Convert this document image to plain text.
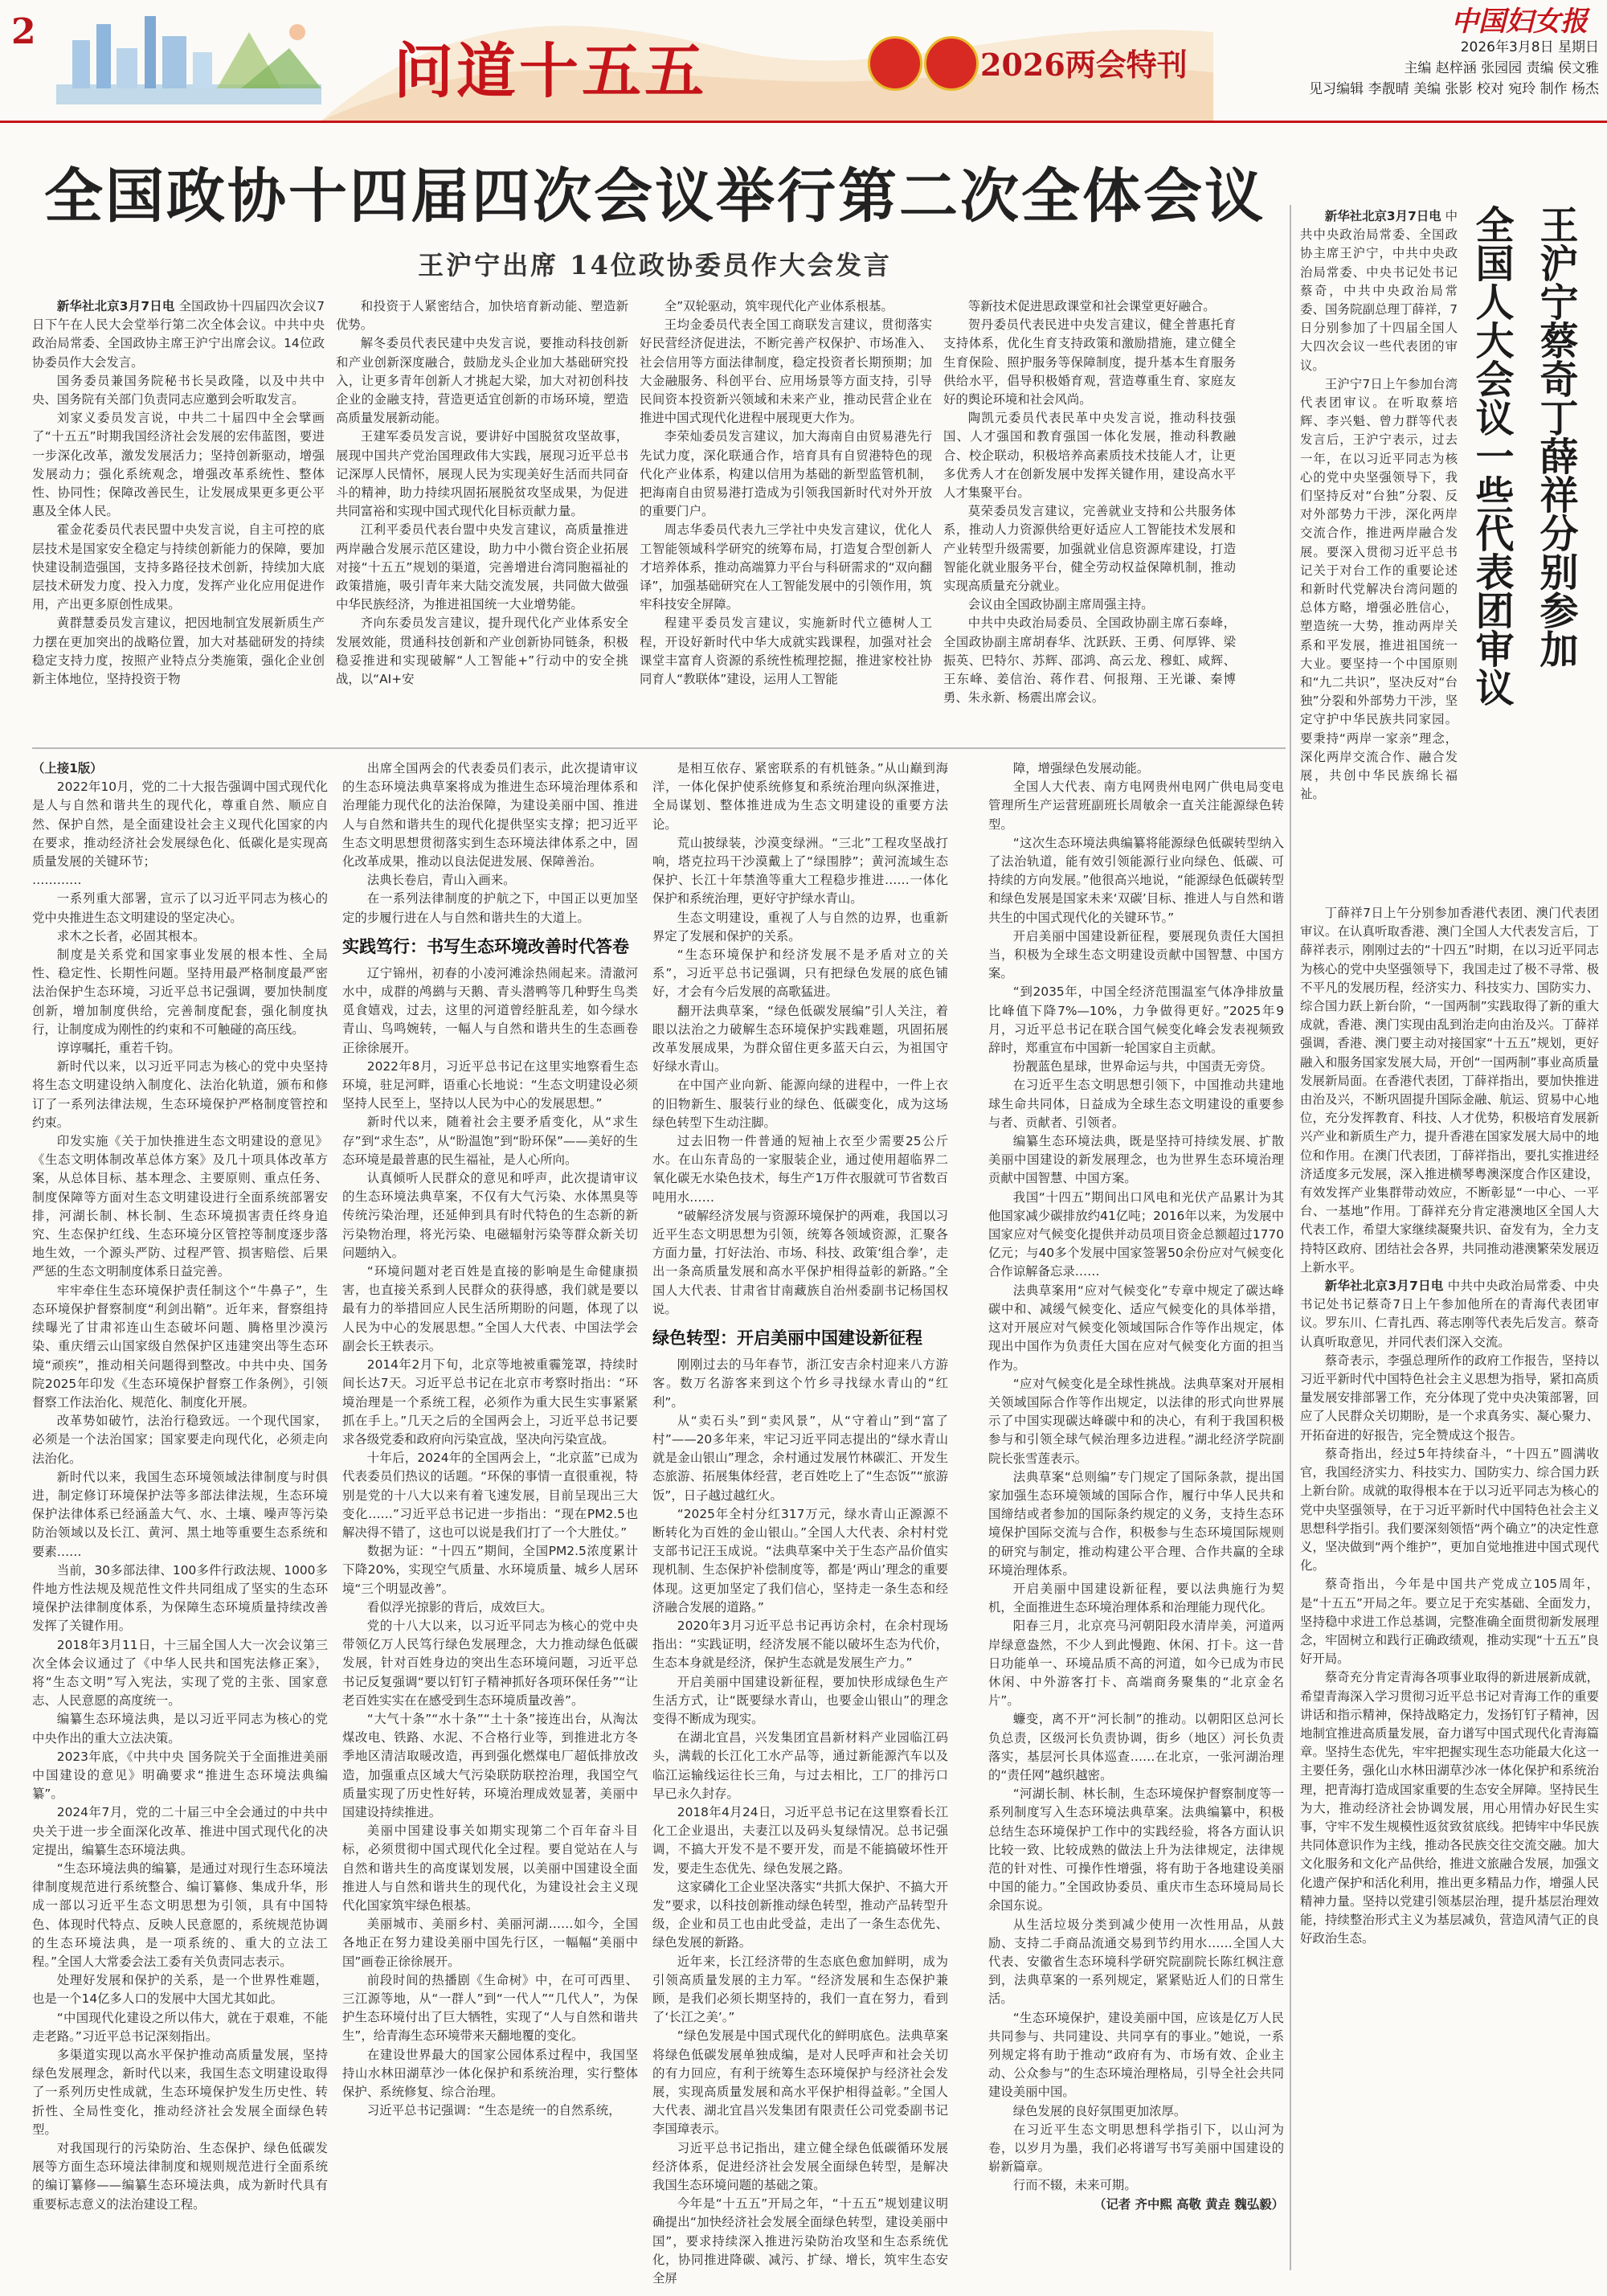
2
问道十五五	2026两会特刊
中国妇女报
2026年3月8日 星期日
主编 赵梓涵 张园园 责编 侯文雅
见习编辑 李靓晴 美编 张影 校对 宛玲 制作 杨杰
全国政协十四届四次会议举行第二次全体会议
王沪宁出席 14位政协委员作大会发言

新华社北京3月7日电 全国政协十四届四次会议7日下午在人民大会堂举行第二次全体会议。中共中央政治局常委、全国政协主席王沪宁出席会议。14位政协委员作大会发言。

国务委员兼国务院秘书长吴政隆，以及中共中央、国务院有关部门负责同志应邀到会听取发言。

刘家义委员发言说，中共二十届四中全会擘画了“十五五”时期我国经济社会发展的宏伟蓝图，要进一步深化改革，激发发展活力；坚持创新驱动，增强发展动力；强化系统观念，增强改革系统性、整体性、协同性；保障改善民生，让发展成果更多更公平惠及全体人民。

霍金花委员代表民盟中央发言说，自主可控的底层技术是国家安全稳定与持续创新能力的保障，要加快建设制造强国，支持多路径技术创新，持续加大底层技术研发力度、投入力度，发挥产业化应用促进作用，产出更多原创性成果。

黄群慧委员发言建议，把因地制宜发展新质生产力摆在更加突出的战略位置，加大对基础研发的持续稳定支持力度，按照产业特点分类施策，强化企业创新主体地位，坚持投资于物

和投资于人紧密结合，加快培育新动能、塑造新优势。

解冬委员代表民建中央发言说，要推动科技创新和产业创新深度融合，鼓励龙头企业加大基础研究投入，让更多青年创新人才挑起大梁，加大对初创科技企业的金融支持，营造更适宜创新的市场环境，塑造高质量发展新动能。

王建军委员发言说，要讲好中国脱贫攻坚故事，展现中国共产党治国理政伟大实践，展现习近平总书记深厚人民情怀，展现人民为实现美好生活而共同奋斗的精神，助力持续巩固拓展脱贫攻坚成果，为促进共同富裕和实现中国式现代化目标贡献力量。

江利平委员代表台盟中央发言建议，高质量推进两岸融合发展示范区建设，助力中小微台资企业拓展对接“十五五”规划的渠道，完善增进台湾同胞福祉的政策措施，吸引青年来大陆交流发展，共同做大做强中华民族经济，为推进祖国统一大业增势能。

齐向东委员发言建议，提升现代化产业体系安全发展效能，贯通科技创新和产业创新协同链条，积极稳妥推进和实现破解“人工智能+”行动中的安全挑战，以“AI+安

全”双轮驱动，筑牢现代化产业体系根基。

王均金委员代表全国工商联发言建议，贯彻落实好民营经济促进法，不断完善产权保护、市场准入、社会信用等方面法律制度，稳定投资者长期预期；加大金融服务、科创平台、应用场景等方面支持，引导民间资本投资新兴领域和未来产业，推动民营企业在推进中国式现代化进程中展现更大作为。

李荣灿委员发言建议，加大海南自由贸易港先行先试力度，深化联通合作，培育具有自贸港特色的现代化产业体系，构建以信用为基础的新型监管机制，把海南自由贸易港打造成为引领我国新时代对外开放的重要门户。

周志华委员代表九三学社中央发言建议，优化人工智能领域科学研究的统筹布局，打造复合型创新人才培养体系，推动高端算力平台与科研需求的“双向翻译”，加强基础研究在人工智能发展中的引领作用，筑牢科技安全屏障。

程建平委员发言建议，实施新时代立德树人工程，开设好新时代中华大成就实践课程，加强对社会课堂丰富育人资源的系统性梳理挖掘，推进家校社协同育人“教联体”建设，运用人工智能

等新技术促进思政课堂和社会课堂更好融合。

贺丹委员代表民进中央发言建议，健全普惠托育支持体系，优化生育支持政策和激励措施，建立健全生育保险、照护服务等保障制度，提升基本生育服务供给水平，倡导积极婚育观，营造尊重生育、家庭友好的舆论环境和社会风尚。

陶凯元委员代表民革中央发言说，推动科技强国、人才强国和教育强国一体化发展，推动科教融合、校企联动，积极培养高素质技术技能人才，让更多优秀人才在创新发展中发挥关键作用，建设高水平人才集聚平台。

莫荣委员发言建议，完善就业支持和公共服务体系，推动人力资源供给更好适应人工智能技术发展和产业转型升级需要，加强就业信息资源库建设，打造智能化就业服务平台，健全劳动权益保障机制，推动实现高质量充分就业。

会议由全国政协副主席周强主持。

中共中央政治局委员、全国政协副主席石泰峰，全国政协副主席胡春华、沈跃跃、王勇、何厚铧、梁振英、巴特尔、苏辉、邵鸿、高云龙、穆虹、咸辉、王东峰、姜信治、蒋作君、何报翔、王光谦、秦博勇、朱永新、杨震出席会议。

王沪宁蔡奇丁薛祥分别参加
全国人大会议一些代表团审议

新华社北京3月7日电 中共中央政治局常委、全国政协主席王沪宁，中共中央政治局常委、中央书记处书记蔡奇，中共中央政治局常委、国务院副总理丁薛祥，7日分别参加了十四届全国人大四次会议一些代表团的审议。

王沪宁7日上午参加台湾代表团审议。在听取蔡培辉、李兴魁、曾力群等代表发言后，王沪宁表示，过去一年，在以习近平同志为核心的党中央坚强领导下，我们坚持反对“台独”分裂、反对外部势力干涉，深化两岸交流合作，推进两岸融合发展。要深入贯彻习近平总书记关于对台工作的重要论述和新时代党解决台湾问题的总体方略，增强必胜信心，塑造统一大势，推动两岸关系和平发展，推进祖国统一大业。要坚持一个中国原则和“九二共识”，坚决反对“台独”分裂和外部势力干涉，坚定守护中华民族共同家园。要秉持“两岸一家亲”理念，深化两岸交流合作、融合发展，共创中华民族绵长福祉。

丁薛祥7日上午分别参加香港代表团、澳门代表团审议。在认真听取香港、澳门全国人大代表发言后，丁薛祥表示，刚刚过去的“十四五”时期，在以习近平同志为核心的党中央坚强领导下，我国走过了极不寻常、极不平凡的发展历程，经济实力、科技实力、国防实力、综合国力跃上新台阶，“一国两制”实践取得了新的重大成就，香港、澳门实现由乱到治走向由治及兴。丁薛祥强调，香港、澳门要主动对接国家“十五五”规划，更好融入和服务国家发展大局，开创“一国两制”事业高质量发展新局面。在香港代表团，丁薛祥指出，要加快推进由治及兴，不断巩固提升国际金融、航运、贸易中心地位，充分发挥教育、科技、人才优势，积极培育发展新兴产业和新质生产力，提升香港在国家发展大局中的地位和作用。在澳门代表团，丁薛祥指出，要扎实推进经济适度多元发展，深入推进横琴粤澳深度合作区建设，有效发挥产业集群带动效应，不断彰显“一中心、一平台、一基地”作用。丁薛祥充分肯定港澳地区全国人大代表工作，希望大家继续凝聚共识、奋发有为，全力支持特区政府、团结社会各界，共同推动港澳繁荣发展迈上新水平。

新华社北京3月7日电 中共中央政治局常委、中央书记处书记蔡奇7日上午参加他所在的青海代表团审议。罗东川、仁青扎西、蒋志刚等代表先后发言。蔡奇认真听取意见，并同代表们深入交流。

蔡奇表示，李强总理所作的政府工作报告，坚持以习近平新时代中国特色社会主义思想为指导，紧扣高质量发展安排部署工作，充分体现了党中央决策部署，回应了人民群众关切期盼，是一个求真务实、凝心聚力、开拓奋进的好报告，完全赞成这个报告。

蔡奇指出，经过5年持续奋斗，“十四五”圆满收官，我国经济实力、科技实力、国防实力、综合国力跃上新台阶。成就的取得根本在于以习近平同志为核心的党中央坚强领导，在于习近平新时代中国特色社会主义思想科学指引。我们要深刻领悟“两个确立”的决定性意义，坚决做到“两个维护”，更加自觉地推进中国式现代化。

蔡奇指出，今年是中国共产党成立105周年，是“十五五”开局之年。要立足于充实基础、全面发力，坚持稳中求进工作总基调，完整准确全面贯彻新发展理念，牢固树立和践行正确政绩观，推动实现“十五五”良好开局。

蔡奇充分肯定青海各项事业取得的新进展新成就，希望青海深入学习贯彻习近平总书记对青海工作的重要讲话和指示精神，保持战略定力，发扬钉钉子精神，因地制宜推进高质量发展，奋力谱写中国式现代化青海篇章。坚持生态优先，牢牢把握实现生态功能最大化这一主要任务，强化山水林田湖草沙冰一体化保护和系统治理，把青海打造成国家重要的生态安全屏障。坚持民生为大，推动经济社会协调发展，用心用情办好民生实事，守牢不发生规模性返贫致贫底线。把铸牢中华民族共同体意识作为主线，推动各民族交往交流交融。加大文化服务和文化产品供给，推进文旅融合发展，加强文化遗产保护和活化利用，推出更多精品力作，增强人民精神力量。坚持以党建引领基层治理，提升基层治理效能，持续整治形式主义为基层减负，营造风清气正的良好政治生态。

（上接1版）

2022年10月，党的二十大报告强调中国式现代化是人与自然和谐共生的现代化，尊重自然、顺应自然、保护自然，是全面建设社会主义现代化国家的内在要求，推动经济社会发展绿色化、低碳化是实现高质量发展的关键环节；

…………

一系列重大部署，宣示了以习近平同志为核心的党中央推进生态文明建设的坚定决心。

求木之长者，必固其根本。

制度是关系党和国家事业发展的根本性、全局性、稳定性、长期性问题。坚持用最严格制度最严密法治保护生态环境，习近平总书记强调，要加快制度创新，增加制度供给，完善制度配套，强化制度执行，让制度成为刚性的约束和不可触碰的高压线。

谆谆嘱托，重若千钧。

新时代以来，以习近平同志为核心的党中央坚持将生态文明建设纳入制度化、法治化轨道，颁布和修订了一系列法律法规，生态环境保护严格制度管控和约束。

印发实施《关于加快推进生态文明建设的意见》《生态文明体制改革总体方案》及几十项具体改革方案，从总体目标、基本理念、主要原则、重点任务、制度保障等方面对生态文明建设进行全面系统部署安排，河湖长制、林长制、生态环境损害责任终身追究、生态保护红线、生态环境分区管控等制度逐步落地生效，一个源头严防、过程严管、损害赔偿、后果严惩的生态文明制度体系日益完善。

牢牢牵住生态环境保护责任制这个“牛鼻子”，生态环境保护督察制度“利剑出鞘”。近年来，督察组持续曝光了甘肃祁连山生态破坏问题、腾格里沙漠污染、重庆缙云山国家级自然保护区违建突出等生态环境“顽疾”，推动相关问题得到整改。中共中央、国务院2025年印发《生态环境保护督察工作条例》，引领督察工作法治化、规范化、制度化开展。

改革势如破竹，法治行稳致远。一个现代国家，必须是一个法治国家；国家要走向现代化，必须走向法治化。

新时代以来，我国生态环境领域法律制度与时俱进，制定修订环境保护法等多部法律法规，生态环境保护法律体系已经涵盖大气、水、土壤、噪声等污染防治领域以及长江、黄河、黑土地等重要生态系统和要素……

当前，30多部法律、100多件行政法规、1000多件地方性法规及规范性文件共同组成了坚实的生态环境保护法律制度体系，为保障生态环境质量持续改善发挥了关键作用。

2018年3月11日，十三届全国人大一次会议第三次全体会议通过了《中华人民共和国宪法修正案》，将“生态文明”写入宪法，实现了党的主张、国家意志、人民意愿的高度统一。

编纂生态环境法典，是以习近平同志为核心的党中央作出的重大立法决策。

2023年底，《中共中央 国务院关于全面推进美丽中国建设的意见》明确要求“推进生态环境法典编纂”。

2024年7月，党的二十届三中全会通过的中共中央关于进一步全面深化改革、推进中国式现代化的决定提出，编纂生态环境法典。

“生态环境法典的编纂，是通过对现行生态环境法律制度规范进行系统整合、编订纂修、集成升华，形成一部以习近平生态文明思想为引领，具有中国特色、体现时代特点、反映人民意愿的，系统规范协调的生态环境法典，是一项系统的、重大的立法工程。”全国人大常委会法工委有关负责同志表示。

处理好发展和保护的关系，是一个世界性难题，也是一个14亿多人口的发展中大国尤其如此。

“中国现代化建设之所以伟大，就在于艰难，不能走老路。”习近平总书记深刻指出。

多渠道实现以高水平保护推动高质量发展，坚持绿色发展理念，新时代以来，我国生态文明建设取得了一系列历史性成就，生态环境保护发生历史性、转折性、全局性变化，推动经济社会发展全面绿色转型。

对我国现行的污染防治、生态保护、绿色低碳发展等方面生态环境法律制度和规则规范进行全面系统的编订纂修——编纂生态环境法典，成为新时代具有重要标志意义的法治建设工程。

出席全国两会的代表委员们表示，此次提请审议的生态环境法典草案将成为推进生态环境治理体系和治理能力现代化的法治保障，为建设美丽中国、推进人与自然和谐共生的现代化提供坚实支撑；把习近平生态文明思想贯彻落实到生态环境法律体系之中，固化改革成果，推动以良法促进发展、保障善治。

法典长卷启，青山入画来。

在一系列法律制度的护航之下，中国正以更加坚定的步履行进在人与自然和谐共生的大道上。

实践笃行：书写生态环境改善时代答卷

辽宁锦州，初春的小凌河滩涂热闹起来。清澈河水中，成群的鸬鹚与天鹅、青头潜鸭等几种野生鸟类觅食嬉戏，过去，这里的河道曾经脏乱差，如今绿水青山、鸟鸣婉转，一幅人与自然和谐共生的生态画卷正徐徐展开。

2022年8月，习近平总书记在这里实地察看生态环境，驻足河畔，语重心长地说：“生态文明建设必须坚持人民至上，坚持以人民为中心的发展思想。”

新时代以来，随着社会主要矛盾变化，从“求生存”到“求生态”，从“盼温饱”到“盼环保”——美好的生态环境是最普惠的民生福祉，是人心所向。

认真倾听人民群众的意见和呼声，此次提请审议的生态环境法典草案，不仅有大气污染、水体黑臭等传统污染治理，还延伸到具有时代特色的生态新的新污染物治理，将光污染、电磁辐射污染等群众新关切问题纳入。

“环境问题对老百姓是直接的影响是生命健康损害，也直接关系到人民群众的获得感，我们就是要以最有力的举措回应人民生活所期盼的问题，体现了以人民为中心的发展思想。”全国人大代表、中国法学会副会长王轶表示。

2014年2月下旬，北京等地被重霾笼罩，持续时间长达7天。习近平总书记在北京市考察时指出：“环境治理是一个系统工程，必须作为重大民生实事紧紧抓在手上。”几天之后的全国两会上，习近平总书记要求各级党委和政府向污染宣战，坚决向污染宣战。

十年后，2024年的全国两会上，“北京蓝”已成为代表委员们热议的话题。“环保的事情一直很重视，特别是党的十八大以来有着飞速发展，目前呈现出三大变化……”习近平总书记进一步指出：“现在PM2.5也解决得不错了，这也可以说是我们打了一个大胜仗。”

数据为证：“十四五”期间，全国PM2.5浓度累计下降20%，实现空气质量、水环境质量、城乡人居环境“三个明显改善”。

看似浮光掠影的背后，成效巨大。

党的十八大以来，以习近平同志为核心的党中央带领亿万人民笃行绿色发展理念，大力推动绿色低碳发展，针对百姓身边的突出生态环境问题，习近平总书记反复强调“要以钉钉子精神抓好各项环保任务”“让老百姓实实在在感受到生态环境质量改善”。

“大气十条”“水十条”“土十条”接连出台，从淘汰煤改电、铁路、水泥、不合格行业等，到推进北方冬季地区清洁取暖改造，再到强化燃煤电厂超低排放改造，加强重点区域大气污染联防联控治理，我国空气质量实现了历史性好转，环境治理成效显著，美丽中国建设持续推进。

美丽中国建设事关如期实现第二个百年奋斗目标，必须贯彻中国式现代化全过程。要自觉站在人与自然和谐共生的高度谋划发展，以美丽中国建设全面推进人与自然和谐共生的现代化，为建设社会主义现代化国家筑牢绿色根基。

美丽城市、美丽乡村、美丽河湖……如今，全国各地正在努力建设美丽中国先行区，一幅幅“美丽中国”画卷正徐徐展开。

前段时间的热播剧《生命树》中，在可可西里、三江源等地，从“一群人”到“一代人”“几代人”，为保护生态环境付出了巨大牺牲，实现了“人与自然和谐共生”，给青海生态环境带来天翻地覆的变化。

在建设世界最大的国家公园体系过程中，我国坚持山水林田湖草沙一体化保护和系统治理，实行整体保护、系统修复、综合治理。

习近平总书记强调：“生态是统一的自然系统，

是相互依存、紧密联系的有机链条。”从山巅到海洋，一体化保护使系统修复和系统治理向纵深推进，全局谋划、整体推进成为生态文明建设的重要方法论。

荒山披绿装，沙漠变绿洲。“三北”工程攻坚战打响，塔克拉玛干沙漠戴上了“绿围脖”；黄河流域生态保护、长江十年禁渔等重大工程稳步推进……一体化保护和系统治理，更好守护绿水青山。

生态文明建设，重视了人与自然的边界，也重新界定了发展和保护的关系。

“生态环境保护和经济发展不是矛盾对立的关系”，习近平总书记强调，只有把绿色发展的底色铺好，才会有今后发展的高歌猛进。

翻开法典草案，“绿色低碳发展编”引人关注，着眼以法治之力破解生态环境保护实践难题，巩固拓展改革发展成果，为群众留住更多蓝天白云，为祖国守好绿水青山。

在中国产业向新、能源向绿的进程中，一件上衣的旧物新生、服装行业的绿色、低碳变化，成为这场绿色转型下生动注脚。

过去旧物一件普通的短袖上衣至少需要25公斤水。在山东青岛的一家服装企业，通过使用超临界二氧化碳无水染色技术，每生产1万件衣服就可节省数百吨用水……

“破解经济发展与资源环境保护的两难，我国以习近平生态文明思想为引领，统筹各领域资源，汇聚各方面力量，打好法治、市场、科技、政策‘组合拳’，走出一条高质量发展和高水平保护相得益彰的新路。”全国人大代表、甘肃省甘南藏族自治州委副书记杨国权说。

绿色转型：开启美丽中国建设新征程

刚刚过去的马年春节，浙江安吉余村迎来八方游客。数万名游客来到这个竹乡寻找绿水青山的“红利”。

从“卖石头”到“卖风景”，从“守着山”到“富了村”——20多年来，牢记习近平同志提出的“绿水青山就是金山银山”理念，余村通过发展竹林碳汇、开发生态旅游、拓展集体经营，老百姓吃上了“生态饭”“旅游饭”，日子越过越红火。

“2025年全村分红317万元，绿水青山正源源不断转化为百姓的金山银山。”全国人大代表、余村村党支部书记汪玉成说。“法典草案中关于生态产品价值实现机制、生态保护补偿制度等，都是‘两山’理念的重要体现。这更加坚定了我们信心，坚持走一条生态和经济融合发展的道路。”

2020年3月习近平总书记再访余村，在余村现场指出：“实践证明，经济发展不能以破坏生态为代价，生态本身就是经济，保护生态就是发展生产力。”

开启美丽中国建设新征程，要加快形成绿色生产生活方式，让“既要绿水青山，也要金山银山”的理念变得不断成为现实。

在湖北宜昌，兴发集团宜昌新材料产业园临江码头，满载的长江化工水产品等，通过新能源汽车以及临江运输线运往长三角，与过去相比，工厂的排污口早已永久封存。

2018年4月24日，习近平总书记在这里察看长江化工企业退出，夫妻江以及码头复绿情况。总书记强调，不搞大开发不是不要开发，而是不能搞破坏性开发，要走生态优先、绿色发展之路。

这家磷化工企业坚决落实“共抓大保护、不搞大开发”要求，以科技创新推动绿色转型，推动产品转型升级，企业和员工也由此受益，走出了一条生态优先、绿色发展的新路。

近年来，长江经济带的生态底色愈加鲜明，成为引领高质量发展的主力军。“经济发展和生态保护兼顾，是我们必须长期坚持的，我们一直在努力，看到了‘长江之美’。”

“绿色发展是中国式现代化的鲜明底色。法典草案将绿色低碳发展单独成编，是对人民呼声和社会关切的有力回应，有利于统筹生态环境保护与经济社会发展，实现高质量发展和高水平保护相得益彰。”全国人大代表、湖北宜昌兴发集团有限责任公司党委副书记李国璋表示。

习近平总书记指出，建立健全绿色低碳循环发展经济体系，促进经济社会发展全面绿色转型，是解决我国生态环境问题的基础之策。

今年是“十五五”开局之年，“十五五”规划建议明确提出“加快经济社会发展全面绿色转型，建设美丽中国”，要求持续深入推进污染防治攻坚和生态系统优化，协同推进降碳、减污、扩绿、增长，筑牢生态安全屏

障，增强绿色发展动能。

全国人大代表、南方电网贵州电网广供电局变电管理所生产运营班副班长周敏余一直关注能源绿色转型。

“这次生态环境法典编纂将能源绿色低碳转型纳入了法治轨道，能有效引领能源行业向绿色、低碳、可持续的方向发展。”他很高兴地说，“能源绿色低碳转型和绿色发展是国家未来‘双碳’目标、推进人与自然和谐共生的中国式现代化的关键环节。”

开启美丽中国建设新征程，要展现负责任大国担当，积极为全球生态文明建设贡献中国智慧、中国方案。

“到2035年，中国全经济范围温室气体净排放量比峰值下降7%—10%，力争做得更好。”2025年9月，习近平总书记在联合国气候变化峰会发表视频致辞时，郑重宣布中国新一轮国家自主贡献。

扮靓蓝色星球，世界命运与共，中国责无旁贷。

在习近平生态文明思想引领下，中国推动共建地球生命共同体，日益成为全球生态文明建设的重要参与者、贡献者、引领者。

编纂生态环境法典，既是坚持可持续发展、扩散美丽中国建设的新发展理念，也为世界生态环境治理贡献中国智慧、中国方案。

我国“十四五”期间出口风电和光伏产品累计为其他国家减少碳排放约41亿吨；2016年以来，为发展中国家应对气候变化提供并动员项目资金总额超过1770亿元；与40多个发展中国家签署50余份应对气候变化合作谅解备忘录……

法典草案用“应对气候变化”专章中规定了碳达峰碳中和、减缓气候变化、适应气候变化的具体举措，这对开展应对气候变化领域国际合作等作出规定，体现出中国作为负责任大国在应对气候变化方面的担当作为。

“应对气候变化是全球性挑战。法典草案对开展相关领域国际合作等作出规定，以法律的形式向世界展示了中国实现碳达峰碳中和的决心，有利于我国积极参与和引领全球气候治理多边进程。”湖北经济学院副院长张雪莲表示。

法典草案“总则编”专门规定了国际条款，提出国家加强生态环境领域的国际合作，履行中华人民共和国缔结或者参加的国际条约规定的义务，支持生态环境保护国际交流与合作，积极参与生态环境国际规则的研究与制定，推动构建公平合理、合作共赢的全球环境治理体系。

开启美丽中国建设新征程，要以法典施行为契机，全面推进生态环境治理体系和治理能力现代化。

阳春三月，北京亮马河朝阳段水清岸美，河道两岸绿意盎然，不少人到此慢跑、休闲、打卡。这一昔日功能单一、环境品质不高的河道，如今已成为市民休闲、中外游客打卡、高端商务聚集的“北京金名片”。

蠊变，离不开“河长制”的推动。以朝阳区总河长负总责，区级河长负责协调，街乡（地区）河长负责落实，基层河长具体巡查……在北京，一张河湖治理的“责任网”越织越密。

“河湖长制、林长制，生态环境保护督察制度等一系列制度写入生态环境法典草案。法典编纂中，积极总结生态环境保护工作中的实践经验，将各方面认识比较一致、比较成熟的做法上升为法律规定，法律规范的针对性、可操作性增强，将有助于各地建设美丽中国的能力。”全国政协委员、重庆市生态环境局局长余国东说。

从生活垃圾分类到减少使用一次性用品，从鼓励、支持二手商品流通交易到节约用水……全国人大代表、安徽省生态环境科学研究院副院长陈红枫注意到，法典草案的一系列规定，紧紧贴近人们的日常生活。

“生态环境保护，建设美丽中国，应该是亿万人民共同参与、共同建设、共同享有的事业。”她说，一系列规定将有助于推动“政府有为、市场有效、企业主动、公众参与”的生态环境治理格局，引导全社会共同建设美丽中国。

绿色发展的良好氛围更加浓厚。

在习近平生态文明思想科学指引下，以山河为卷，以岁月为墨，我们必将谱写书写美丽中国建设的崭新篇章。

行而不辍，未来可期。

（记者 齐中熙 高敬 黄垚 魏弘毅）
